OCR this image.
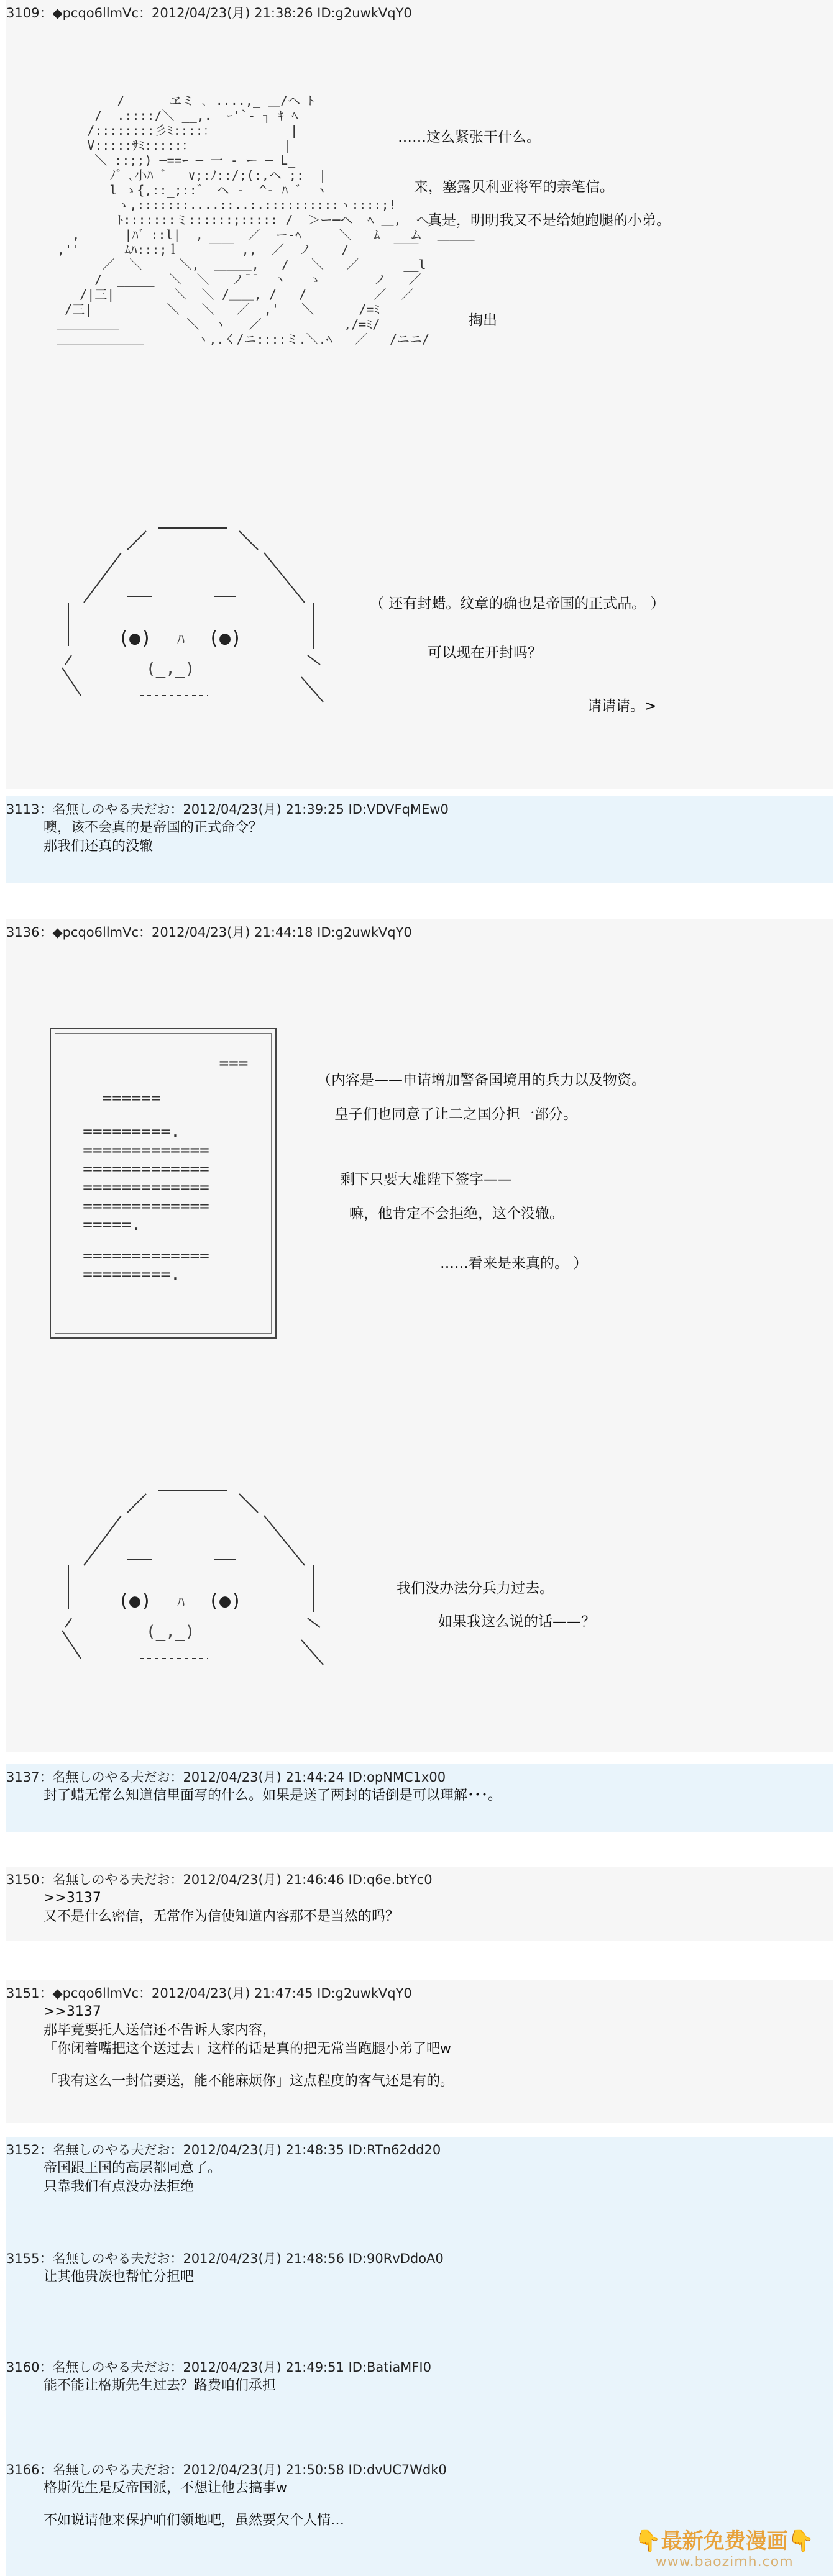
3109：◆pcqo6llmVc：2012/04/23(月) 21:38:26 ID:g2uwkVqY0
/      ヱミ ､ ....,_ ＿/ヘ ﾄ
/  .::::/＼ __,.  ｰ'`‐ ┐ ｷ ﾍ
/::::::::彡ﾐ::::：          |
V:::::ｻﾐ:::::：            |
＼ ::;;) ─==ｰ ─ 一 ‐ ー ─ L_
ﾉ゛､小ﾊ ゛  ∨;:ﾉ::/;(:,ヘ ;:  |
l ゝ{,::_;::゛ ヘ ‐  ^‐ ﾊ ゛ ヽ
ゝ,:::::::....::..:.::::::::::ヽ::::;!
ﾄ:::::::ミ::::::;::::: /  ＞ー─ヘ  ﾍ ＿,  ヘ
,      |ﾊ゛::l|  ,      ／  ー‐ﾍ     ＼   ﾑ    ム  ＿＿＿
,''      ﾑﾊ:::;ｌ    ￣￣ ,,  ／  ノ    /      ￣￣
／  ＼     ＼,  ＿＿＿,   /   ＼   ／      __l
/  _____  ＼  ＼   ノ¯¯  ヽ   ゝ       ノ   ／
/|三|        ＼  ＼ /＿＿, /   /         ／  ／
/三|          ＼   ＼   ／  ,'   ＼      /=ﾐ
＿＿＿＿＿         ＼  ヽ   ／           ,/=ﾐ/
＿＿＿＿＿＿＿       ヽ,.く/ニ::::ミ.＼.ﾍ   ／   /ニニ/
……这么紧张干什么。
来，塞露贝利亚将军的亲笔信。
真是，明明我又不是给她跑腿的小弟。
掏出
(●) ﾊ (●)
(_,_)
（ 还有封蜡。纹章的确也是帝国的正式品。 ）
可以现在开封吗？
请请请。>
3113：名無しのやる夫だお：2012/04/23(月) 21:39:25 ID:VDVFqMEw0

噢，该不会真的是帝国的正式命令？

那我们还真的没辙

3136：◆pcqo6llmVc：2012/04/23(月) 21:44:18 ID:g2uwkVqY0
===
======
=========.
=============
=============
=============
=============
=====.
=============
=========.
（内容是——申请增加警备国境用的兵力以及物资。
皇子们也同意了让二之国分担一部分。
剩下只要大雄陛下签字——
嘛，他肯定不会拒绝，这个没辙。
……看来是来真的。 ）
(●) ﾊ (●)
(_,_)
我们没办法分兵力过去。
如果我这么说的话——？
3137：名無しのやる夫だお：2012/04/23(月) 21:44:24 ID:opNMC1x00

封了蜡无常么知道信里面写的什么。如果是送了两封的话倒是可以理解･･･。

3150：名無しのやる夫だお：2012/04/23(月) 21:46:46 ID:q6e.btYc0

>>3137

又不是什么密信，无常作为信使知道内容那不是当然的吗？

3151：◆pcqo6llmVc：2012/04/23(月) 21:47:45 ID:g2uwkVqY0

>>3137

那毕竟要托人送信还不告诉人家内容，

「你闭着嘴把这个送过去」这样的话是真的把无常当跑腿小弟了吧w

「我有这么一封信要送，能不能麻烦你」这点程度的客气还是有的。

3152：名無しのやる夫だお：2012/04/23(月) 21:48:35 ID:RTn62dd20

帝国跟王国的高层都同意了。

只靠我们有点没办法拒绝

3155：名無しのやる夫だお：2012/04/23(月) 21:48:56 ID:90RvDdoA0

让其他贵族也帮忙分担吧

3160：名無しのやる夫だお：2012/04/23(月) 21:49:51 ID:BatiaMFI0

能不能让格斯先生过去？路费咱们承担

3166：名無しのやる夫だお：2012/04/23(月) 21:50:58 ID:dvUC7Wdk0

格斯先生是反帝国派，不想让他去搞事w

不如说请他来保护咱们领地吧，虽然要欠个人情…

👇最新免费漫画👇
www.baozimh.com
